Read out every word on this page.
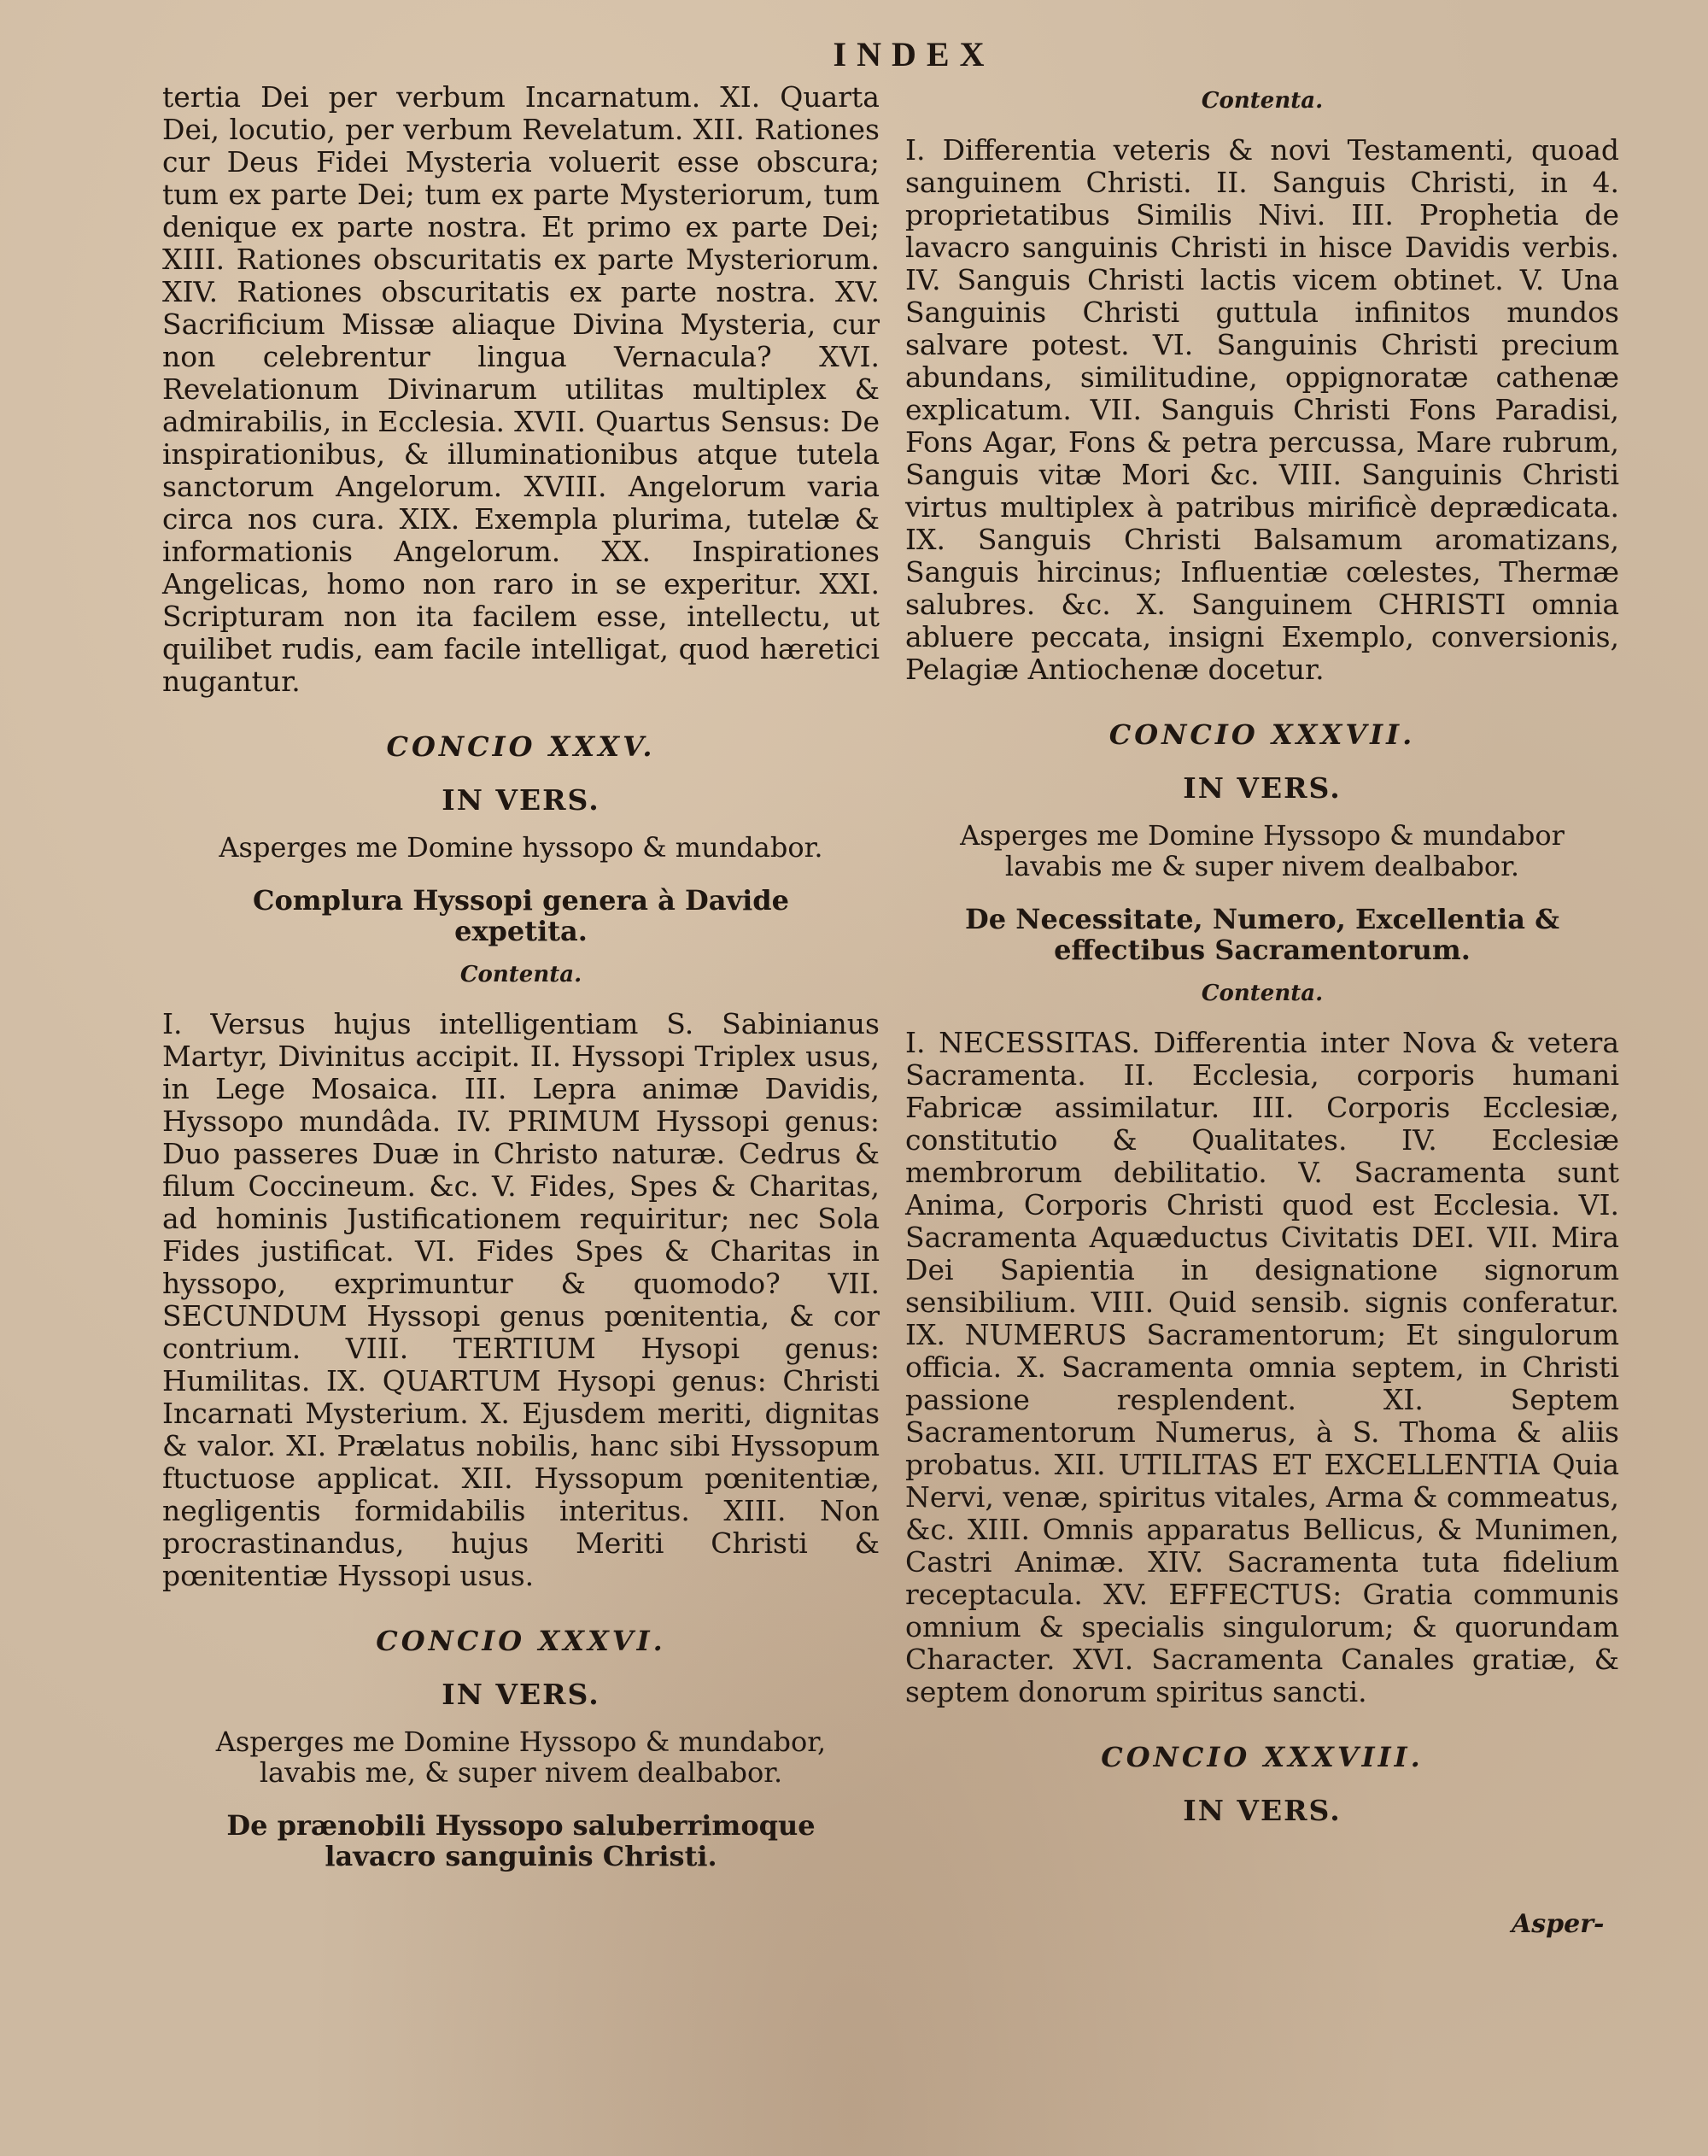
INDEX

tertia Dei per verbum Incarnatum. XI. Quarta Dei, locutio, per verbum Revelatum. XII. Rationes cur Deus Fidei Mysteria voluerit esse obscura; tum ex parte Dei; tum ex parte Mysteriorum, tum denique ex parte nostra. Et primo ex parte Dei; XIII. Rationes obscuritatis ex parte Mysteriorum. XIV. Rationes obscuritatis ex parte nostra. XV. Sacrificium Missæ aliaque Divina Mysteria, cur non celebrentur lingua Vernacula? XVI. Revelationum Divinarum utilitas multiplex & admirabilis, in Ecclesia. XVII. Quartus Sensus: De inspirationibus, & illuminationibus atque tutela sanctorum Angelorum. XVIII. Angelorum varia circa nos cura. XIX. Exempla plurima, tutelæ & informationis Angelorum. XX. Inspirationes Angelicas, homo non raro in se experitur. XXI. Scripturam non ita facilem esse, intellectu, ut quilibet rudis, eam facile intelligat, quod hæretici nugantur.

CONCIO XXXV.
IN VERS.
Asperges me Domine hyssopo & mundabor.
Complura Hyssopi genera à Davide expetita.
Contenta.

I. Versus hujus intelligentiam S. Sabinianus Martyr, Divinitus accipit. II. Hyssopi Triplex usus, in Lege Mosaica. III. Lepra animæ Davidis, Hyssopo mundâda. IV. PRIMUM Hyssopi genus: Duo passeres Duæ in Christo naturæ. Cedrus & filum Coccineum. &c. V. Fides, Spes & Charitas, ad hominis Justificationem requiritur; nec Sola Fides justificat. VI. Fides Spes & Charitas in hyssopo, exprimuntur & quomodo? VII. SECUNDUM Hyssopi genus pœnitentia, & cor contrium. VIII. TERTIUM Hysopi genus: Humilitas. IX. QUARTUM Hysopi genus: Christi Incarnati Mysterium. X. Ejusdem meriti, dignitas & valor. XI. Prælatus nobilis, hanc sibi Hyssopum ftuctuose applicat. XII. Hyssopum pœnitentiæ, negligentis formidabilis interitus. XIII. Non procrastinandus, hujus Meriti Christi & pœnitentiæ Hyssopi usus.

CONCIO XXXVI.
IN VERS.
Asperges me Domine Hyssopo & mundabor, lavabis me, & super nivem dealbabor.
De prænobili Hyssopo saluberrimoque lavacro sanguinis Christi.
Contenta.

I. Differentia veteris & novi Testamenti, quoad sanguinem Christi. II. Sanguis Christi, in 4. proprietatibus Similis Nivi. III. Prophetia de lavacro sanguinis Christi in hisce Davidis verbis. IV. Sanguis Christi lactis vicem obtinet. V. Una Sanguinis Christi guttula infinitos mundos salvare potest. VI. Sanguinis Christi precium abundans, similitudine, oppignoratæ cathenæ explicatum. VII. Sanguis Christi Fons Paradisi, Fons Agar, Fons & petra percussa, Mare rubrum, Sanguis vitæ Mori &c. VIII. Sanguinis Christi virtus multiplex à patribus mirificè deprædicata. IX. Sanguis Christi Balsamum aromatizans, Sanguis hircinus; Influentiæ cœlestes, Thermæ salubres. &c. X. Sanguinem CHRISTI omnia abluere peccata, insigni Exemplo, conversionis, Pelagiæ Antiochenæ docetur.

CONCIO XXXVII.
IN VERS.
Asperges me Domine Hyssopo & mundabor lavabis me & super nivem dealbabor.
De Necessitate, Numero, Excellentia & effectibus Sacramentorum.
Contenta.

I. NECESSITAS. Differentia inter Nova & vetera Sacramenta. II. Ecclesia, corporis humani Fabricæ assimilatur. III. Corporis Ecclesiæ, constitutio & Qualitates. IV. Ecclesiæ membrorum debilitatio. V. Sacramenta sunt Anima, Corporis Christi quod est Ecclesia. VI. Sacramenta Aquæductus Civitatis DEI. VII. Mira Dei Sapientia in designatione signorum sensibilium. VIII. Quid sensib. signis conferatur. IX. NUMERUS Sacramentorum; Et singulorum officia. X. Sacramenta omnia septem, in Christi passione resplendent. XI. Septem Sacramentorum Numerus, à S. Thoma & aliis probatus. XII. UTILITAS ET EXCELLENTIA Quia Nervi, venæ, spiritus vitales, Arma & commeatus, &c. XIII. Omnis apparatus Bellicus, & Munimen, Castri Animæ. XIV. Sacramenta tuta fidelium receptacula. XV. EFFECTUS: Gratia communis omnium & specialis singulorum; & quorundam Character. XVI. Sacramenta Canales gratiæ, & septem donorum spiritus sancti.

CONCIO XXXVIII.
IN VERS.
Asper-
